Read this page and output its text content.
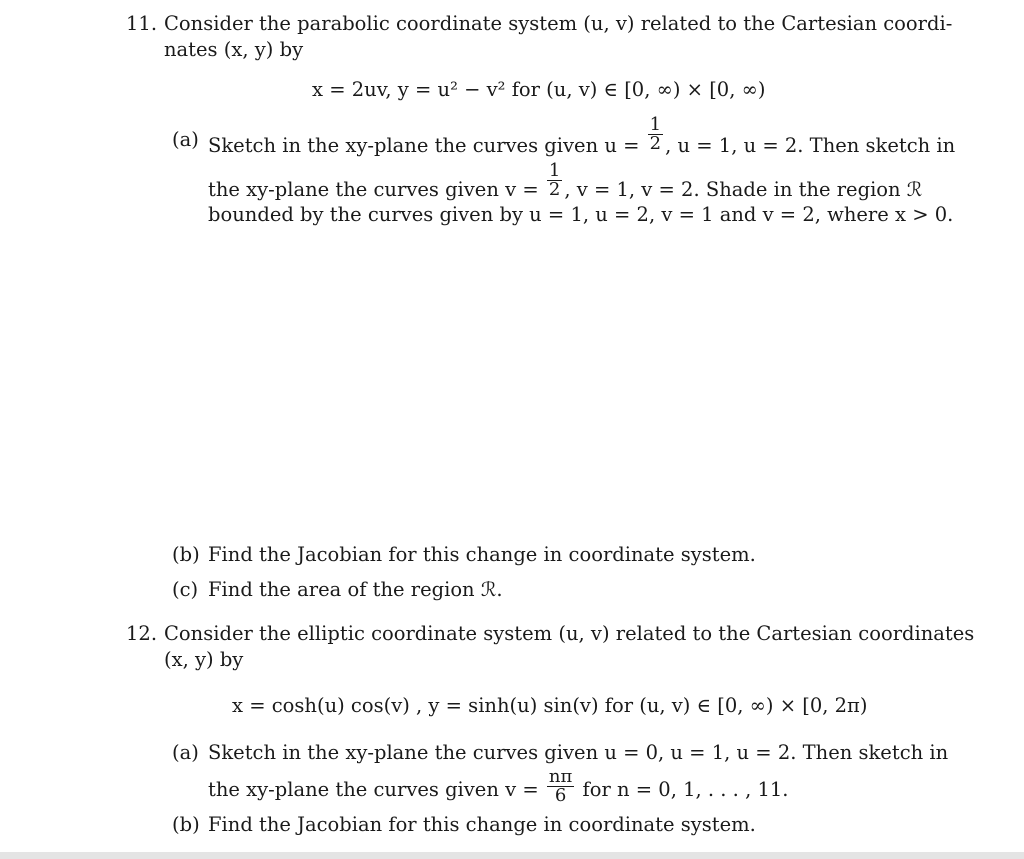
11. Consider the parabolic coordinate system (u, v) related to the Cartesian coordi-
nates (x, y) by
x = 2uv, y = u² − v² for (u, v) ∈ [0, ∞) × [0, ∞)
(a) Sketch in the xy-plane the curves given $u = \frac{1}{2}$ , u = 1, u = 2. Then sketch in
the xy-plane the curves given $v = \frac{1}{2}$ , v = 1, v = 2. Shade in the region ℛ
bounded by the curves given by u = 1, u = 2, v = 1 and v = 2, where x > 0.
(b) Find the Jacobian for this change in coordinate system.
(c) Find the area of the region ℛ.
12. Consider the elliptic coordinate system (u, v) related to the Cartesian coordinates
(x, y) by
x = cosh(u) cos(v) , y = sinh(u) sin(v) for (u, v) ∈ [0, ∞) × [0, 2π)
(a) Sketch in the xy-plane the curves given u = 0, u = 1, u = 2. Then sketch in
the xy-plane the curves given $v = \frac{n\pi}{6}$ for n = 0, 1, . . . , 11.
(b) Find the Jacobian for this change in coordinate system.
